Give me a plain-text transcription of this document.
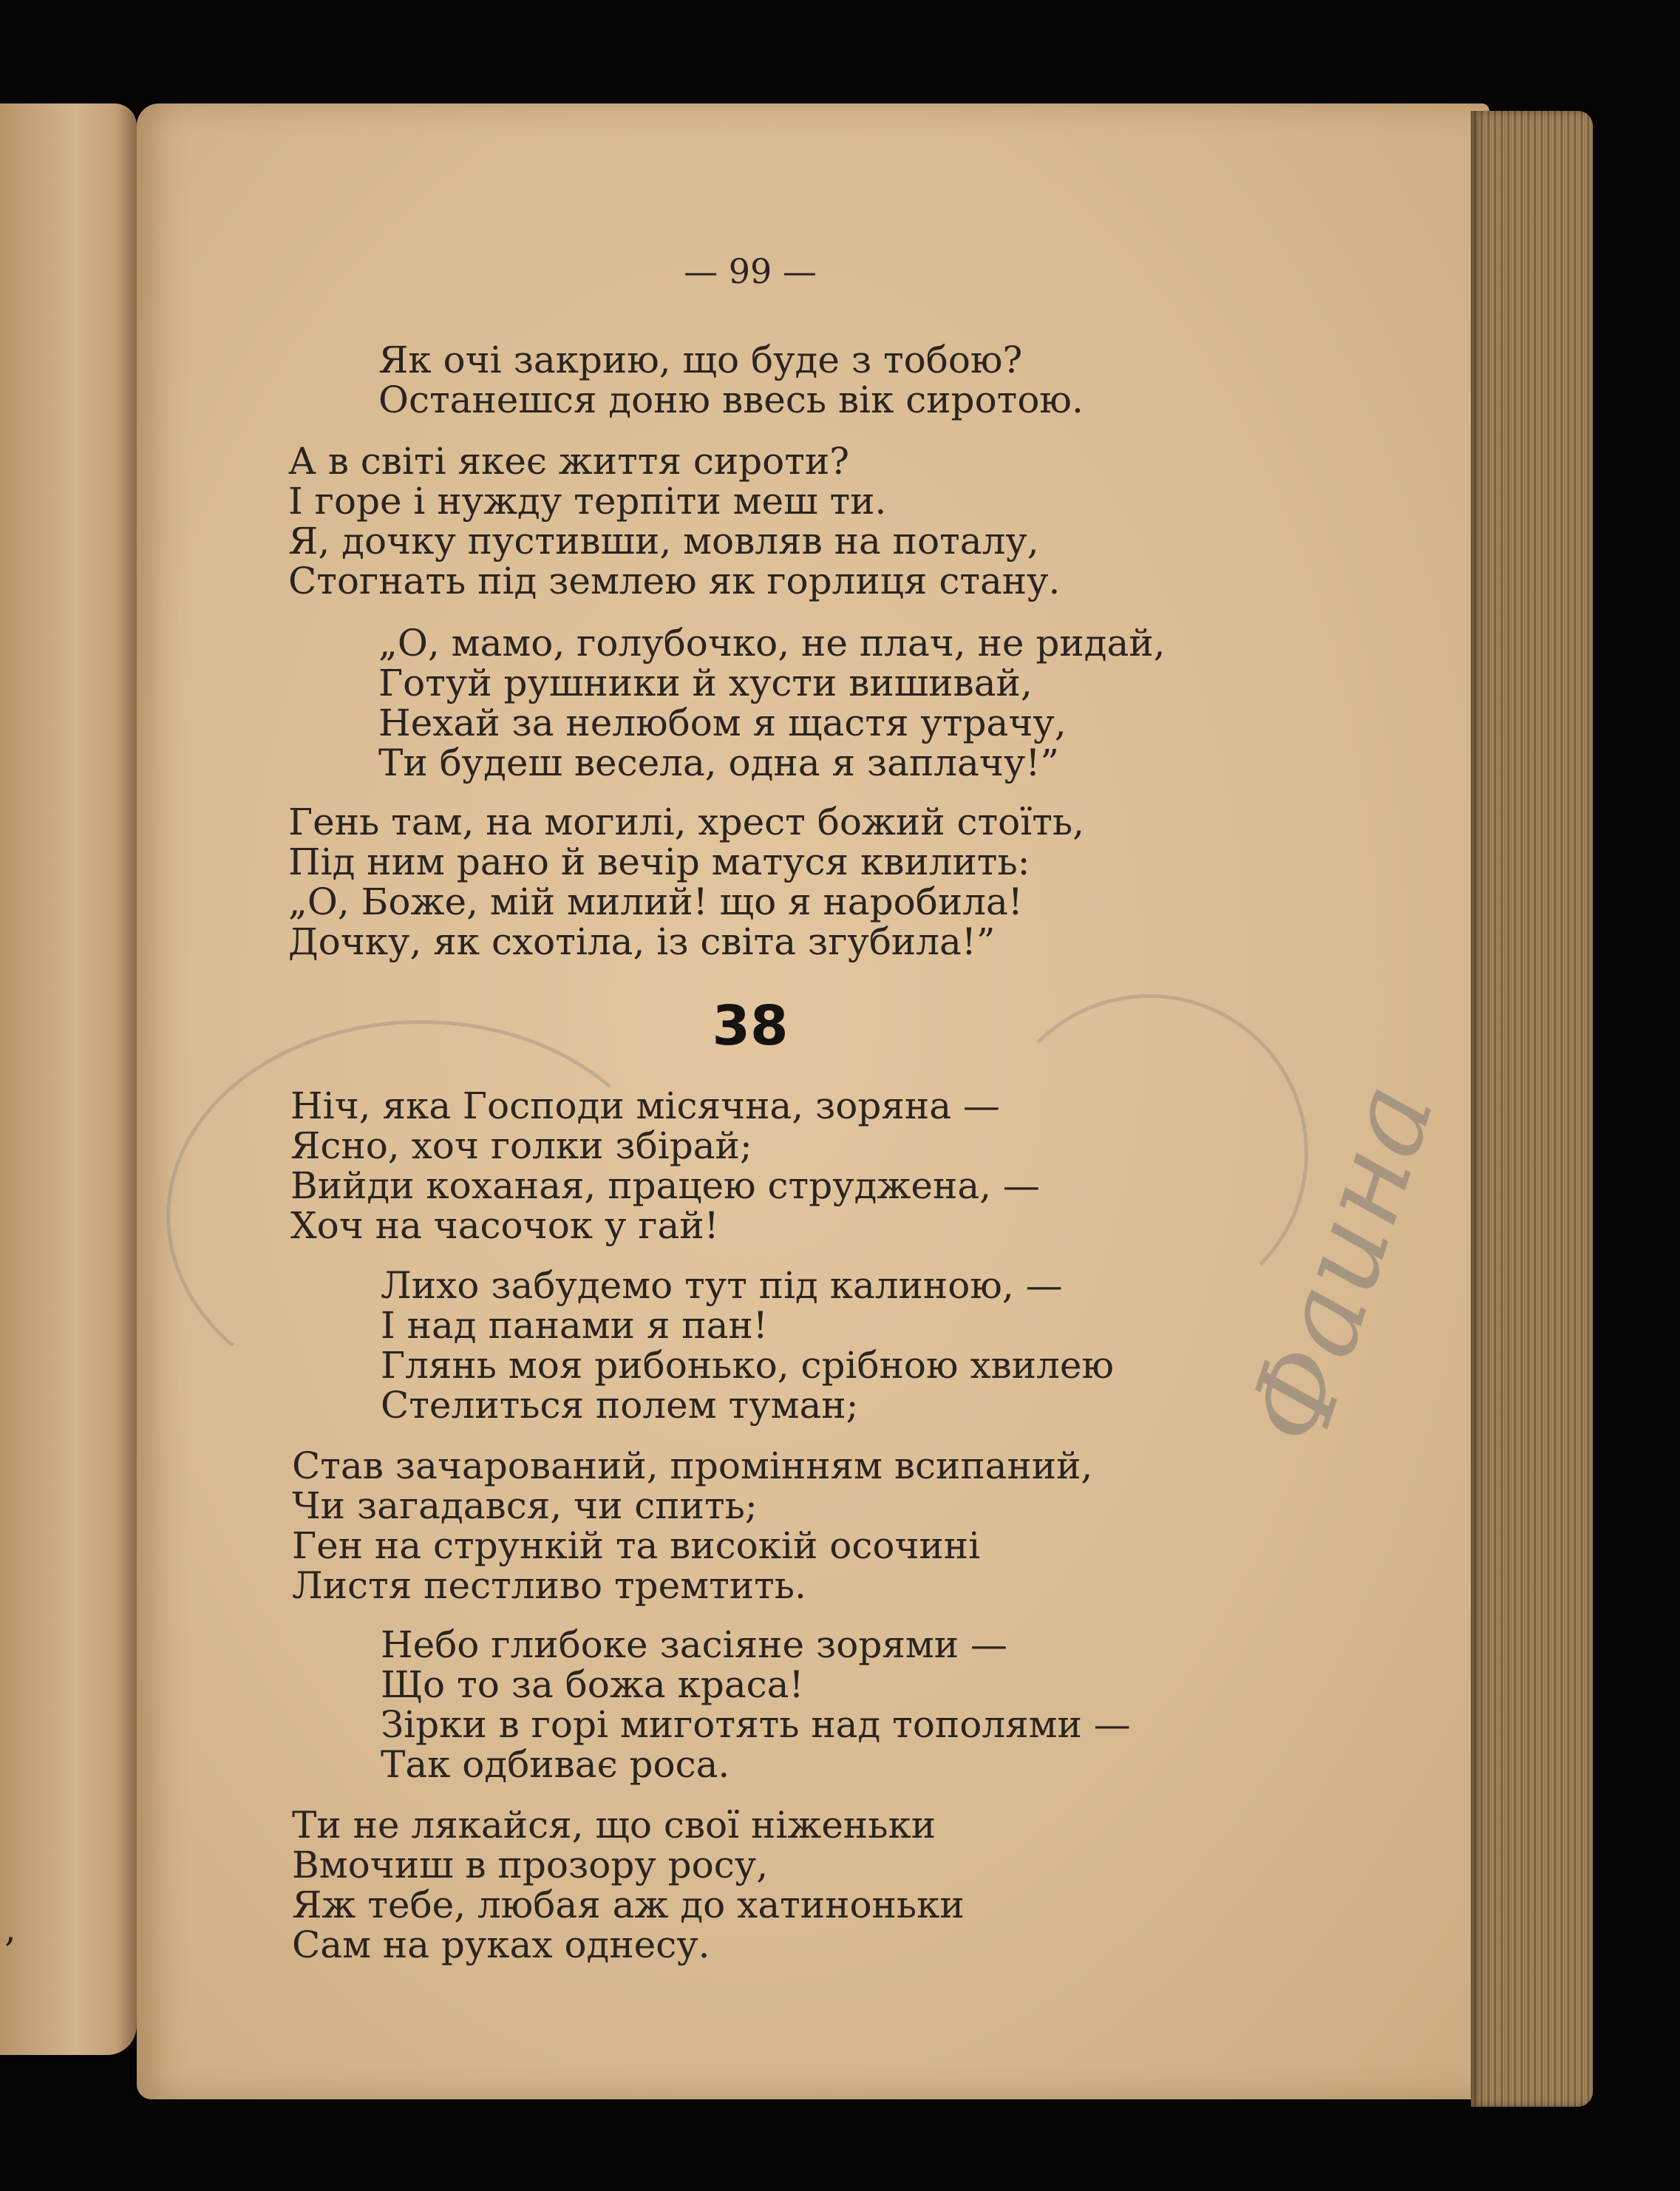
,
Фаина
— 99 —
Як очі закрию, що буде з тобою?
Останешся доню ввесь вік сиротою.
А в світі якеє життя сироти?
І горе і нужду терпіти меш ти.
Я, дочку пустивши, мовляв на поталу,
Стогнать під землею як горлиця стану.
„О, мамо, голубочко, не плач, не ридай,
Готуй рушники й хусти вишивай,
Нехай за нелюбом я щастя утрачу,
Ти будеш весела, одна я заплачу!”
Гень там, на могилі, хрест божий стоїть,
Під ним рано й вечір матуся квилить:
„О, Боже, мій милий! що я наробила!
Дочку, як схотіла, із світа згубила!”
38
Ніч, яка Господи місячна, зоряна —
Ясно, хоч голки збірай;
Вийди коханая, працею струджена, —
Хоч на часочок у гай!
Лихо забудемо тут під калиною, —
І над панами я пан!
Глянь моя рибонько, срібною хвилею
Стелиться полем туман;
Став зачарований, промінням всипаний,
Чи загадався, чи спить;
Ген на стрункій та високій осочині
Листя пестливо тремтить.
Небо глибоке засіяне зорями —
Що то за божа краса!
Зірки в горі миготять над тополями —
Так одбиває роса.
Ти не лякайся, що свої ніженьки
Вмочиш в прозору росу,
Яж тебе, любая аж до хатиноньки
Сам на руках однесу.
